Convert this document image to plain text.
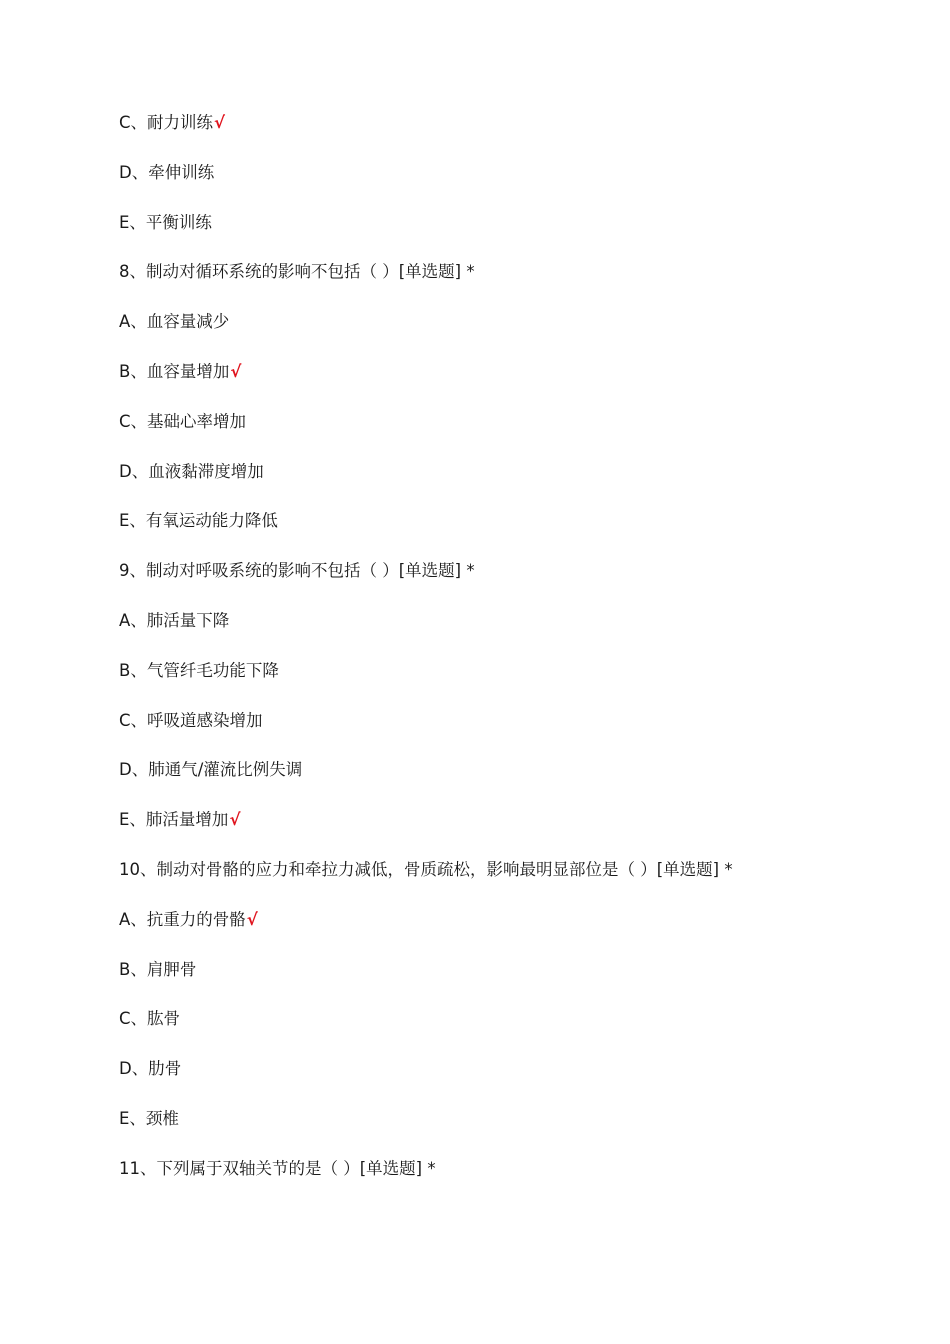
C、耐力训练√
D、牵伸训练
E、平衡训练
8、制动对循环系统的影响不包括（ ）[单选题] *
A、血容量减少
B、血容量增加√
C、基础心率增加
D、血液黏滞度增加
E、有氧运动能力降低
9、制动对呼吸系统的影响不包括（ ）[单选题] *
A、肺活量下降
B、气管纤毛功能下降
C、呼吸道感染增加
D、肺通气/灌流比例失调
E、肺活量增加√
10、制动对骨骼的应力和牵拉力减低，骨质疏松，影响最明显部位是（ ）[单选题] *
A、抗重力的骨骼√
B、肩胛骨
C、肱骨
D、肋骨
E、颈椎
11、下列属于双轴关节的是（ ）[单选题] *
